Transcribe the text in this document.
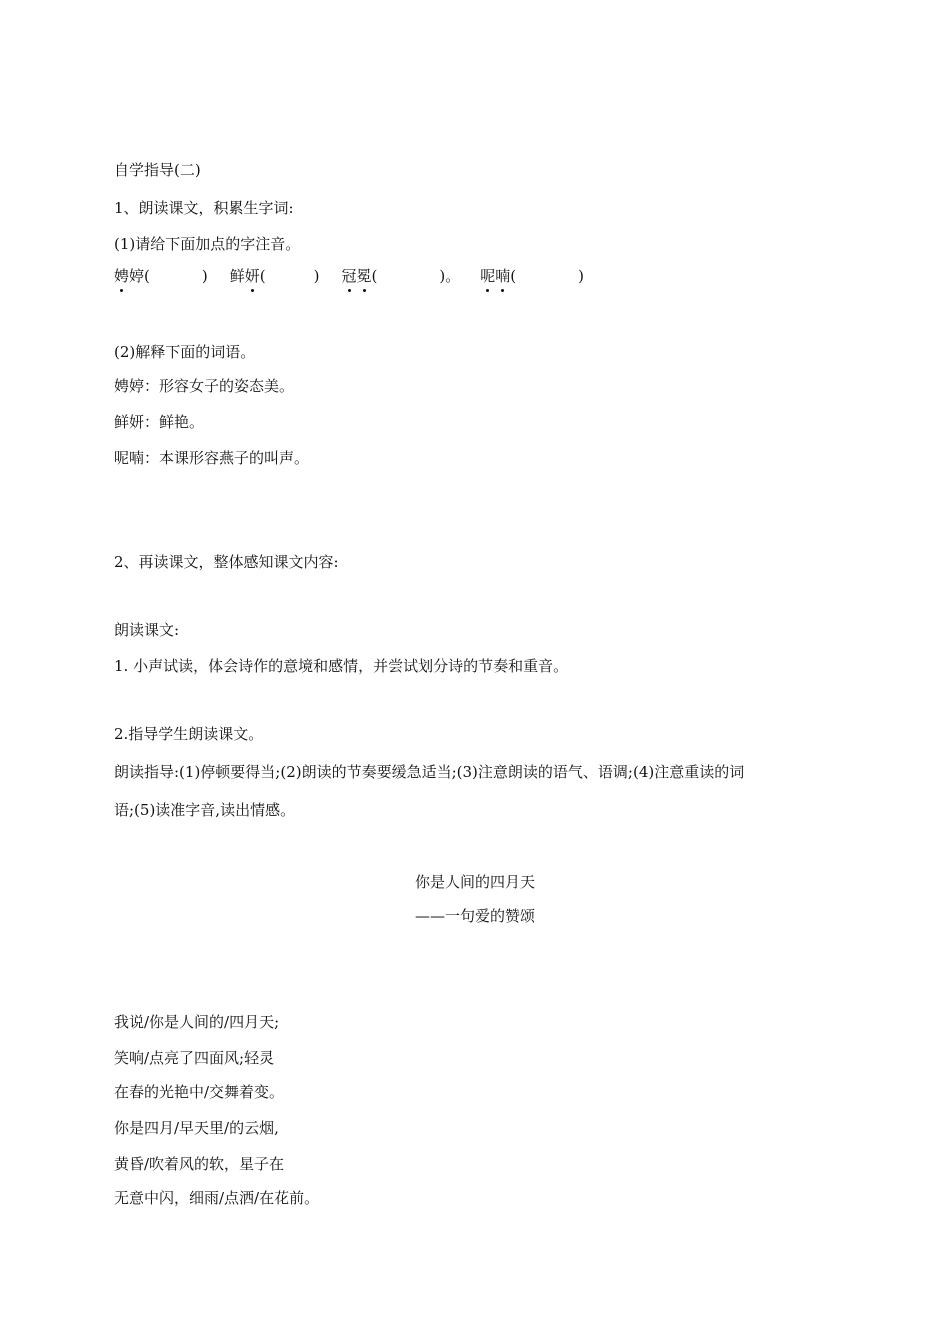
自学指导(二)
1、朗读课文，积累生字词:
(1)请给下面加点的字注音。
娉婷(	) 鲜妍(	) 冠冕(	)。 呢喃(	)
(2)解释下面的词语。
娉婷：形容女子的姿态美。
鲜妍：鲜艳。
呢喃：本课形容燕子的叫声。
2、再读课文，整体感知课文内容:
朗读课文:
1. 小声试读，体会诗作的意境和感情，并尝试划分诗的节奏和重音。
2.指导学生朗读课文。
朗读指导:(1)停顿要得当;(2)朗读的节奏要缓急适当;(3)注意朗读的语气、语调;(4)注意重读的词
语;(5)读准字音,读出情感。
你是人间的四月天
——一句爱的赞颂
我说/你是人间的/四月天;
笑响/点亮了四面风;轻灵
在春的光艳中/交舞着变。
你是四月/早天里/的云烟,
黄昏/吹着风的软，星子在
无意中闪，细雨/点洒/在花前。
